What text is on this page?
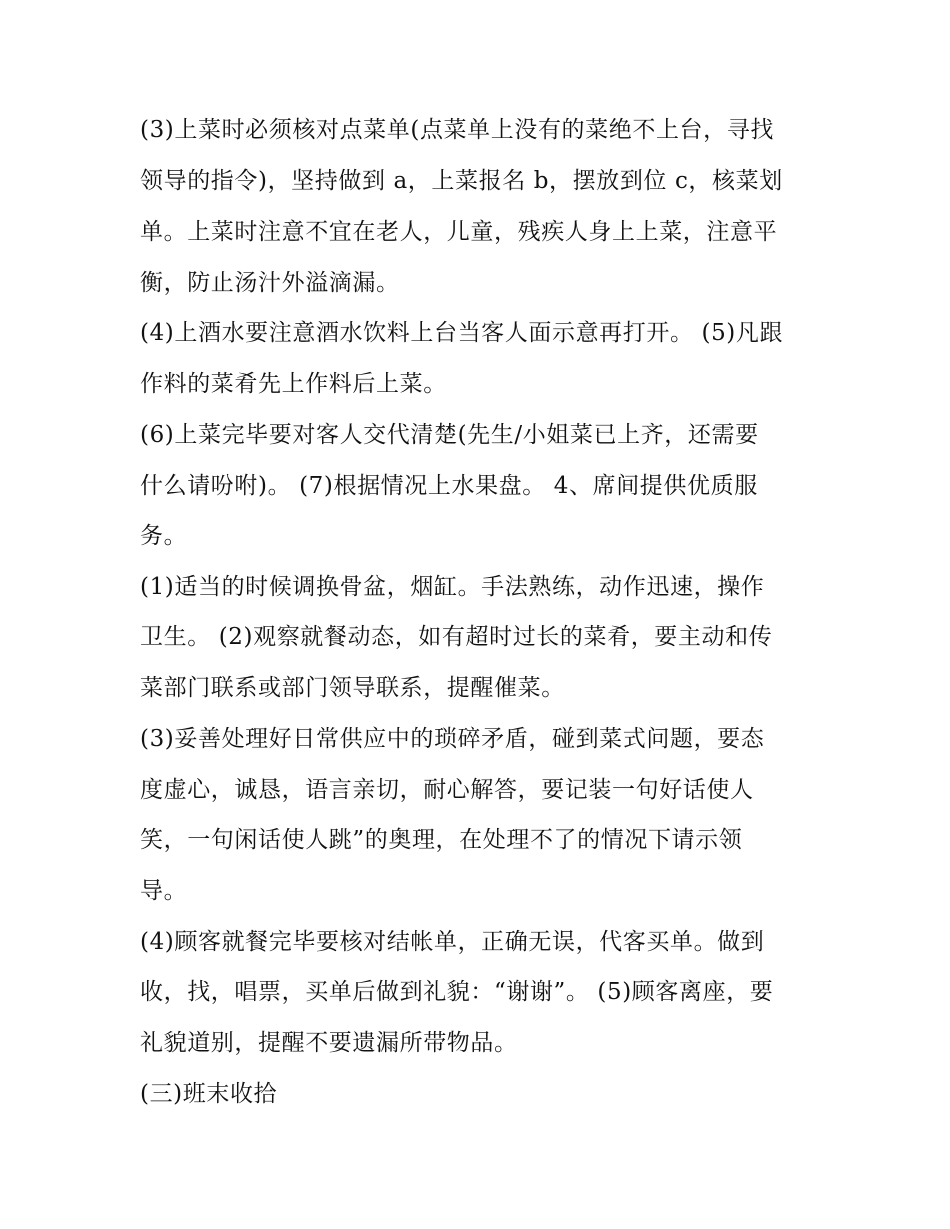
(3)上菜时必须核对点菜单(点菜单上没有的菜绝不上台，寻找
领导的指令)，坚持做到 a，上菜报名 b，摆放到位 c，核菜划
单。上菜时注意不宜在老人，儿童，残疾人身上上菜，注意平
衡，防止汤汁外溢滴漏。
(4)上酒水要注意酒水饮料上台当客人面示意再打开。 (5)凡跟
作料的菜肴先上作料后上菜。
(6)上菜完毕要对客人交代清楚(先生/小姐菜已上齐，还需要
什么请吩咐)。 (7)根据情况上水果盘。 4、席间提供优质服
务。
(1)适当的时候调换骨盆，烟缸。手法熟练，动作迅速，操作
卫生。 (2)观察就餐动态，如有超时过长的菜肴，要主动和传
菜部门联系或部门领导联系，提醒催菜。
(3)妥善处理好日常供应中的琐碎矛盾，碰到菜式问题，要态
度虚心，诚恳，语言亲切，耐心解答，要记装一句好话使人
笑，一句闲话使人跳”的奥理，在处理不了的情况下请示领
导。
(4)顾客就餐完毕要核对结帐单，正确无误，代客买单。做到
收，找，唱票，买单后做到礼貌：“谢谢”。 (5)顾客离座，要
礼貌道别，提醒不要遗漏所带物品。
(三)班末收拾
